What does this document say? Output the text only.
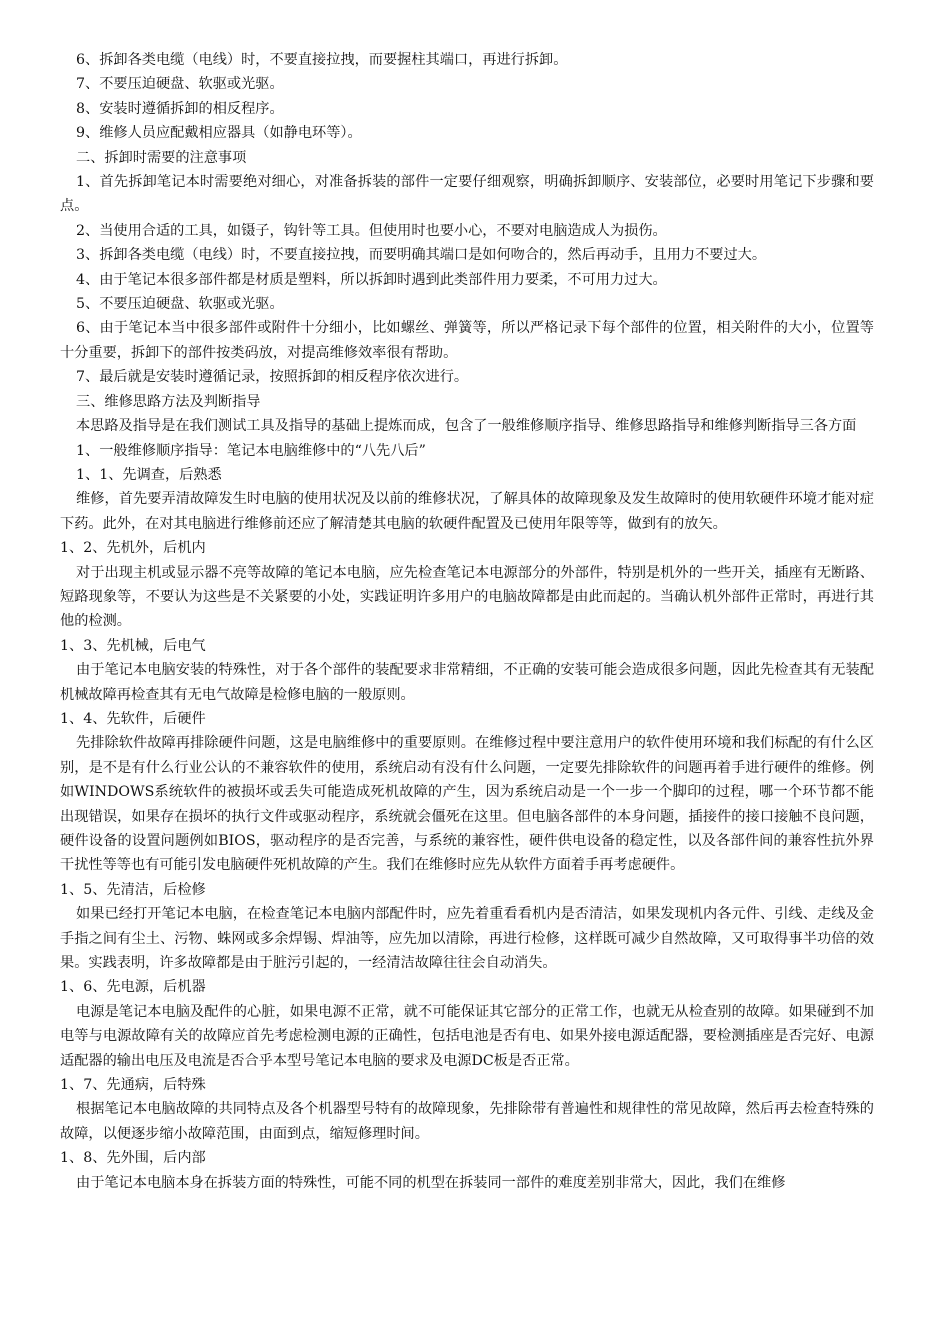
6、拆卸各类电缆（电线）时，不要直接拉拽，而要握柱其端口，再进行拆卸。

7、不要压迫硬盘、软驱或光驱。

8、安装时遵循拆卸的相反程序。

9、维修人员应配戴相应器具（如静电环等）。

二、拆卸时需要的注意事项

1、首先拆卸笔记本时需要绝对细心，对准备拆装的部件一定要仔细观察，明确拆卸顺序、安装部位，必要时用笔记下步骤和要点。

2、当使用合适的工具，如镊子，钩针等工具。但使用时也要小心，不要对电脑造成人为损伤。

3、拆卸各类电缆（电线）时，不要直接拉拽，而要明确其端口是如何吻合的，然后再动手，且用力不要过大。

4、由于笔记本很多部件都是材质是塑料，所以拆卸时遇到此类部件用力要柔，不可用力过大。

5、不要压迫硬盘、软驱或光驱。

6、由于笔记本当中很多部件或附件十分细小，比如螺丝、弹簧等，所以严格记录下每个部件的位置，相关附件的大小，位置等十分重要，拆卸下的部件按类码放，对提高维修效率很有帮助。

7、最后就是安装时遵循记录，按照拆卸的相反程序依次进行。

三、维修思路方法及判断指导

本思路及指导是在我们测试工具及指导的基础上提炼而成，包含了一般维修顺序指导、维修思路指导和维修判断指导三各方面

1、一般维修顺序指导：笔记本电脑维修中的“八先八后”

1、1、先调查，后熟悉

维修，首先要弄清故障发生时电脑的使用状况及以前的维修状况，了解具体的故障现象及发生故障时的使用软硬件环境才能对症下药。此外，在对其电脑进行维修前还应了解清楚其电脑的软硬件配置及已使用年限等等，做到有的放矢。

1、2、先机外，后机内

对于出现主机或显示器不亮等故障的笔记本电脑，应先检查笔记本电源部分的外部件，特别是机外的一些开关，插座有无断路、短路现象等，不要认为这些是不关紧要的小处，实践证明许多用户的电脑故障都是由此而起的。当确认机外部件正常时，再进行其他的检测。

1、3、先机械，后电气

由于笔记本电脑安装的特殊性，对于各个部件的装配要求非常精细，不正确的安装可能会造成很多问题，因此先检查其有无装配机械故障再检查其有无电气故障是检修电脑的一般原则。

1、4、先软件，后硬件

先排除软件故障再排除硬件问题，这是电脑维修中的重要原则。在维修过程中要注意用户的软件使用环境和我们标配的有什么区别，是不是有什么行业公认的不兼容软件的使用，系统启动有没有什么问题，一定要先排除软件的问题再着手进行硬件的维修。例如WINDOWS系统软件的被损坏或丢失可能造成死机故障的产生，因为系统启动是一个一步一个脚印的过程，哪一个环节都不能出现错误，如果存在损坏的执行文件或驱动程序，系统就会僵死在这里。但电脑各部件的本身问题，插接件的接口接触不良问题，硬件设备的设置问题例如BIOS，驱动程序的是否完善，与系统的兼容性，硬件供电设备的稳定性，以及各部件间的兼容性抗外界干扰性等等也有可能引发电脑硬件死机故障的产生。我们在维修时应先从软件方面着手再考虑硬件。

1、5、先清洁，后检修

如果已经打开笔记本电脑，在检查笔记本电脑内部配件时，应先着重看看机内是否清洁，如果发现机内各元件、引线、走线及金手指之间有尘土、污物、蛛网或多余焊锡、焊油等，应先加以清除，再进行检修，这样既可减少自然故障，又可取得事半功倍的效果。实践表明，许多故障都是由于脏污引起的，一经清洁故障往往会自动消失。

1、6、先电源，后机器

电源是笔记本电脑及配件的心脏，如果电源不正常，就不可能保证其它部分的正常工作，也就无从检查别的故障。如果碰到不加电等与电源故障有关的故障应首先考虑检测电源的正确性，包括电池是否有电、如果外接电源适配器，要检测插座是否完好、电源适配器的输出电压及电流是否合乎本型号笔记本电脑的要求及电源DC板是否正常。

1、7、先通病，后特殊

根据笔记本电脑故障的共同特点及各个机器型号特有的故障现象，先排除带有普遍性和规律性的常见故障，然后再去检查特殊的故障，以便逐步缩小故障范围，由面到点，缩短修理时间。

1、8、先外围，后内部

由于笔记本电脑本身在拆装方面的特殊性，可能不同的机型在拆装同一部件的难度差别非常大，因此，我们在维修
